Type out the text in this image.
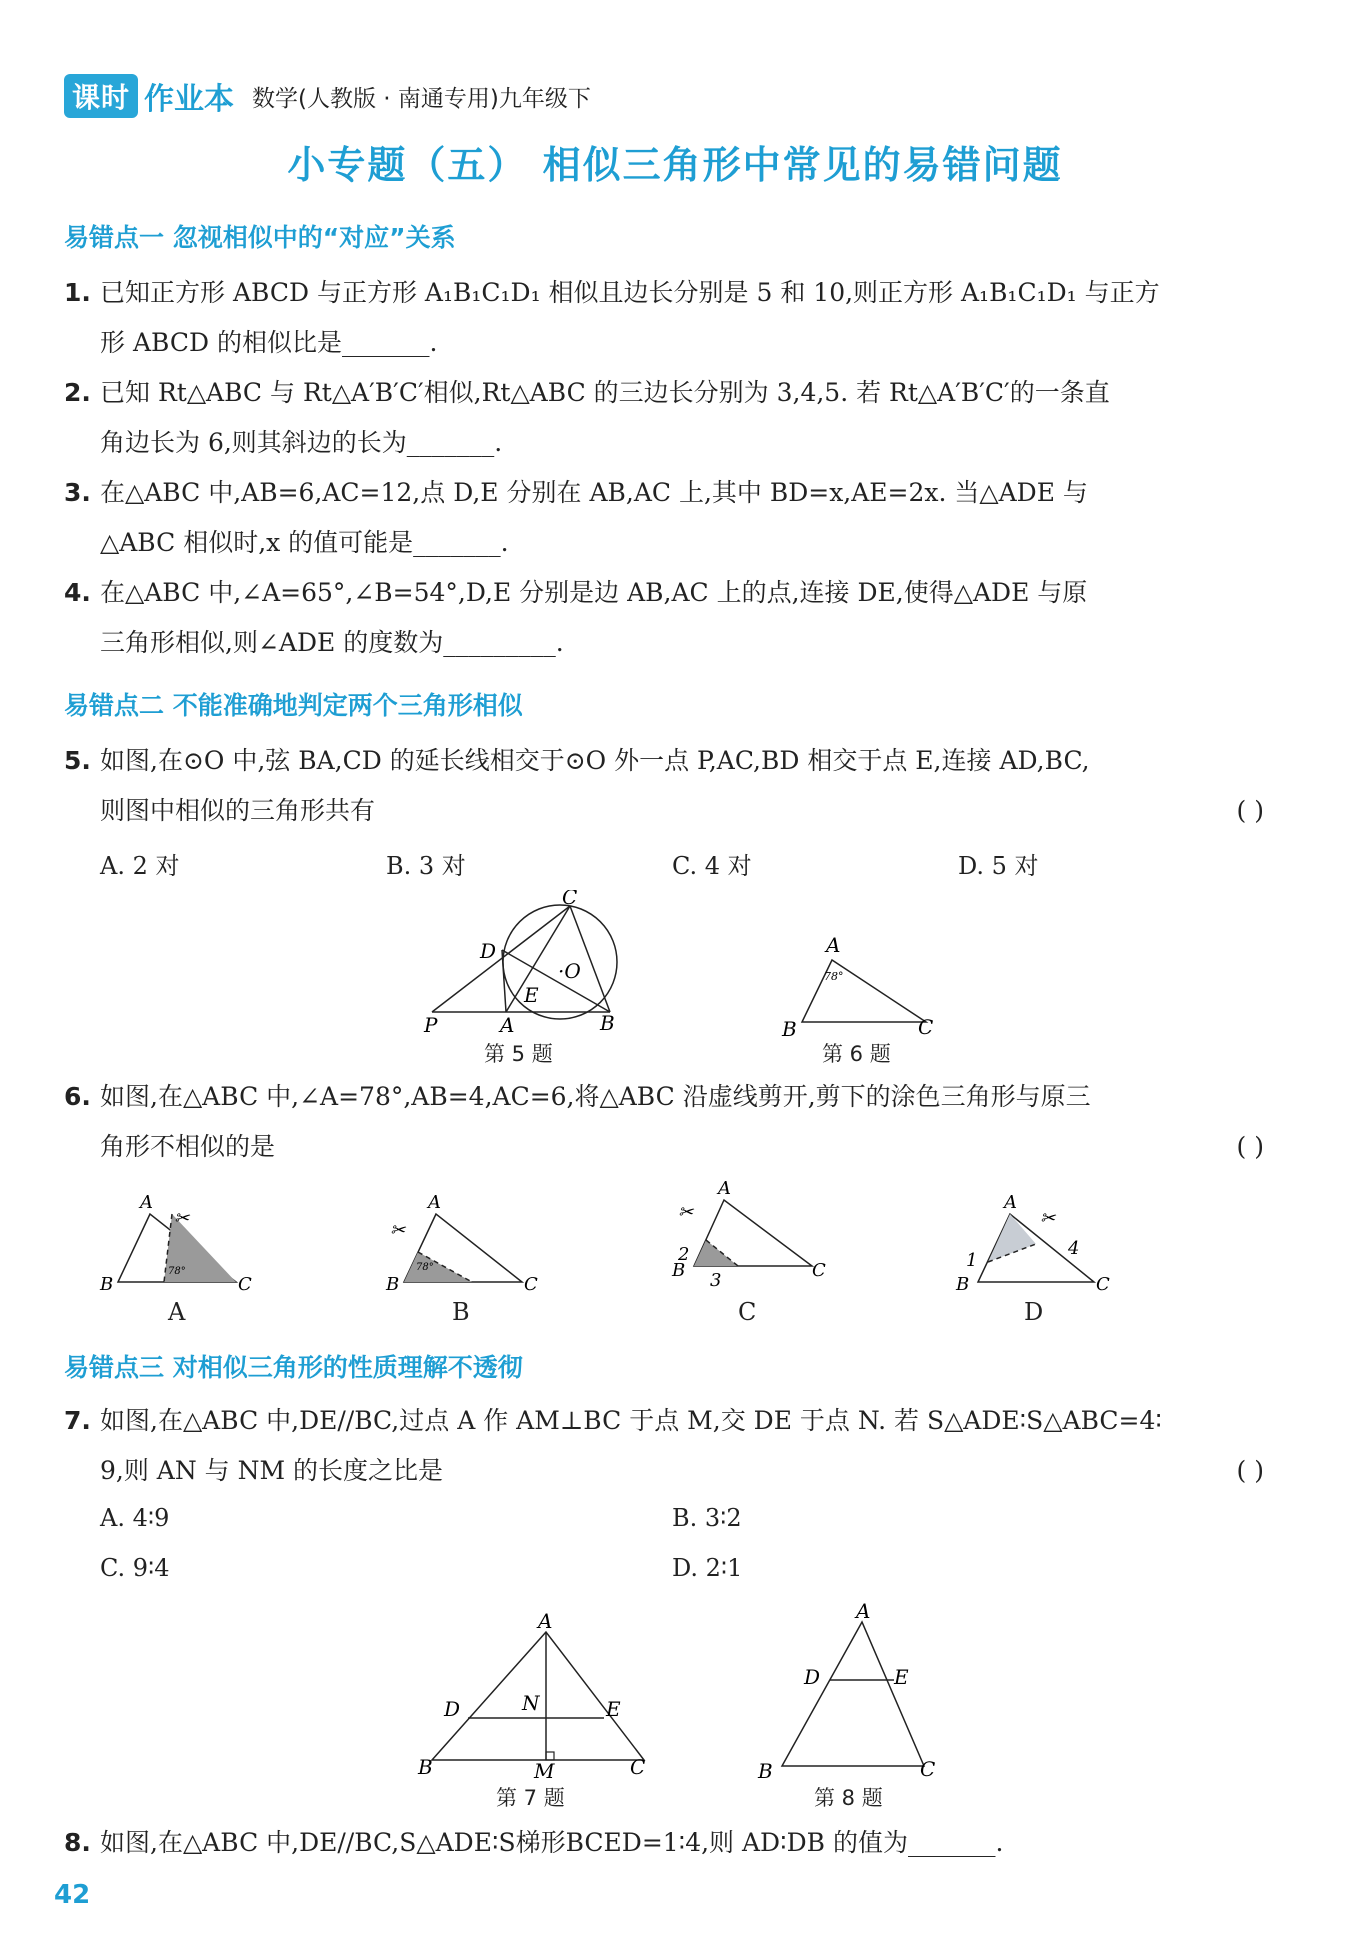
课时 作业本 数学(人教版 · 南通专用)九年级下
小专题（五） 相似三角形中常见的易错问题
易错点一 忽视相似中的“对应”关系
1. 已知正方形 ABCD 与正方形 A₁B₁C₁D₁ 相似且边长分别是 5 和 10,则正方形 A₁B₁C₁D₁ 与正方
形 ABCD 的相似比是_______.
2. 已知 Rt△ABC 与 Rt△A′B′C′相似,Rt△ABC 的三边长分别为 3,4,5. 若 Rt△A′B′C′的一条直
角边长为 6,则其斜边的长为_______.
3. 在△ABC 中,AB=6,AC=12,点 D,E 分别在 AB,AC 上,其中 BD=x,AE=2x. 当△ADE 与
△ABC 相似时,x 的值可能是_______.
4. 在△ABC 中,∠A=65°,∠B=54°,D,E 分别是边 AB,AC 上的点,连接 DE,使得△ADE 与原
三角形相似,则∠ADE 的度数为_________.
易错点二 不能准确地判定两个三角形相似
5. 如图,在⊙O 中,弦 BA,CD 的延长线相交于⊙O 外一点 P,AC,BD 相交于点 E,连接 AD,BC,
则图中相似的三角形共有	( )
A. 2 对	B. 3 对	C. 4 对	D. 5 对
C
D
·O
E
P	A	B
第 5 题
A
78°
B	C
第 6 题
6. 如图,在△ABC 中,∠A=78°,AB=4,AC=6,将△ABC 沿虚线剪开,剪下的涂色三角形与原三
角形不相似的是	( )
✂
A
78°
B	C
A
✂
A
78°
B	C
B
✂
A
2
3
B	C
C
✂
A
1
4
B	C
D
易错点三 对相似三角形的性质理解不透彻
7. 如图,在△ABC 中,DE//BC,过点 A 作 AM⊥BC 于点 M,交 DE 于点 N. 若 S△ADE∶S△ABC=4∶
9,则 AN 与 NM 的长度之比是	( )
A. 4∶9	B. 3∶2
C. 9∶4	D. 2∶1
A
D	N	E
B	M	C
第 7 题
A
D	E
B	C
第 8 题
8. 如图,在△ABC 中,DE//BC,S△ADE∶S梯形BCED=1∶4,则 AD∶DB 的值为_______.
42
